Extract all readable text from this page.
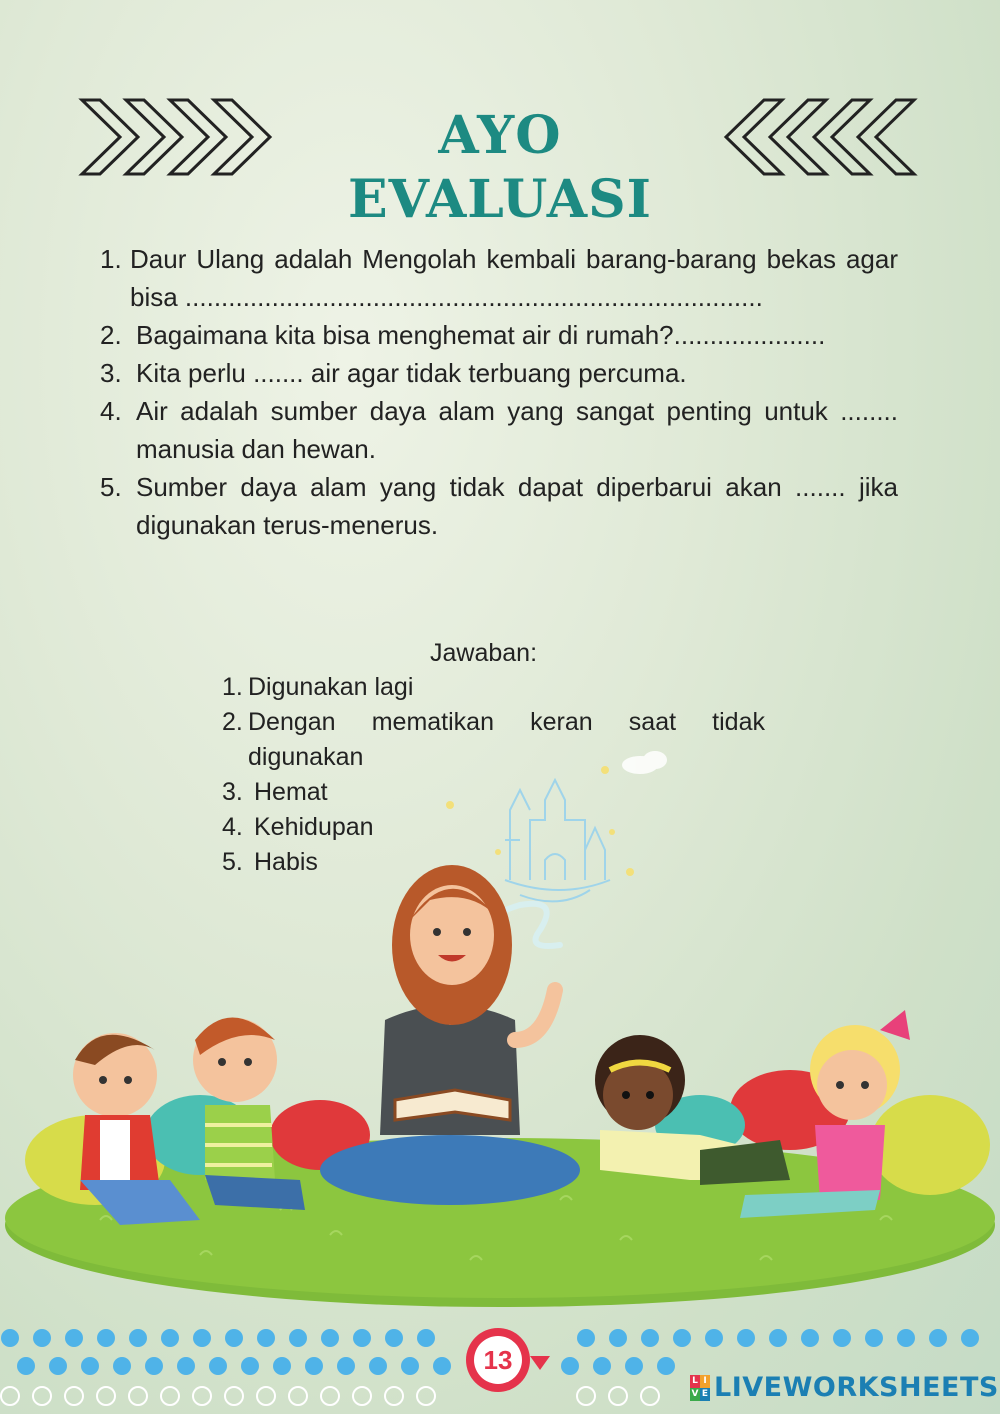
AYO EVALUASI
1. Daur Ulang adalah Mengolah kembali barang-barang bekas agar bisa ................................................................................
2. Bagaimana kita bisa menghemat air di rumah?.....................
3. Kita perlu ....... air agar tidak terbuang percuma.
4. Air adalah sumber daya alam yang sangat penting untuk ........ manusia dan hewan.
5. Sumber daya alam yang tidak dapat diperbarui akan ....... jika digunakan terus-menerus.
Jawaban:
1. Digunakan lagi
2. Dengan mematikan keran saat tidak digunakan
3. Hemat
4. Kehidupan
5. Habis
13
L I
V E LIVEWORKSHEETS
